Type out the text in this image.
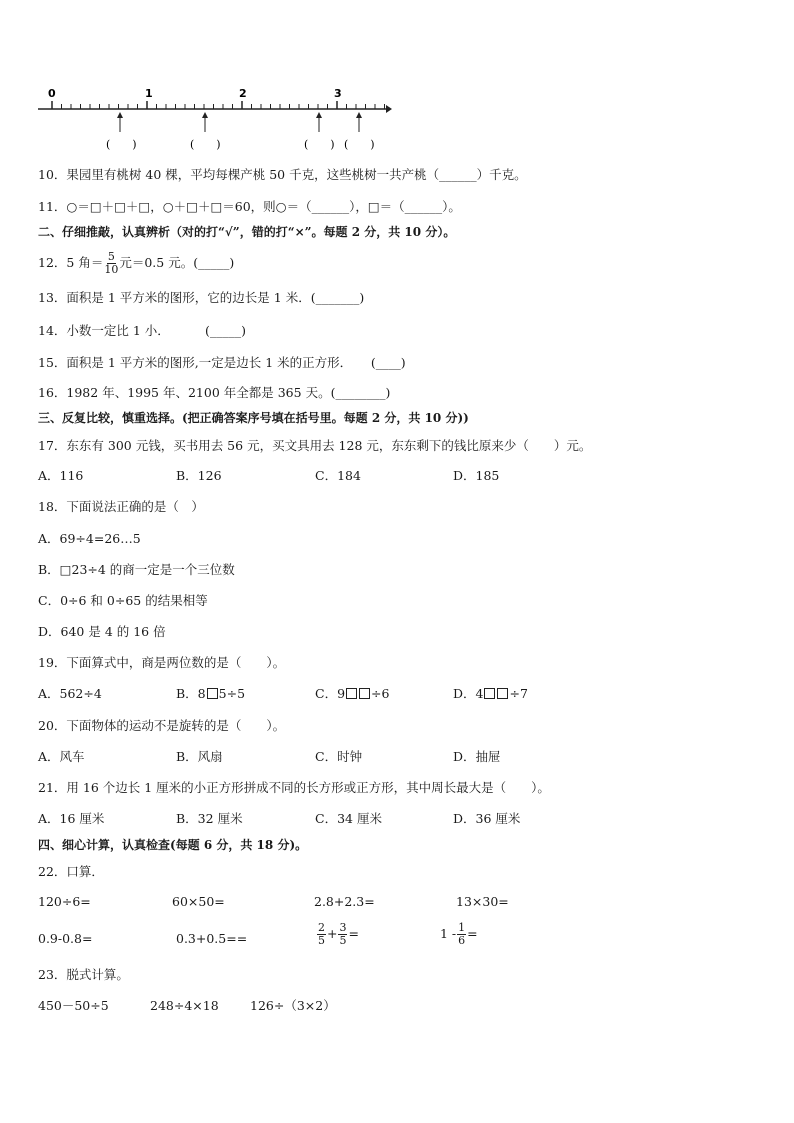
0	1	2	3
(　　)	(　　)	(　　) (　　)
10．果园里有桃树 40 棵，平均每棵产桃 50 千克，这些桃树一共产桃（______）千克。
11．○＝□＋□＋□，○＋□＋□＝60，则○＝（______），□＝（______）。
二、仔细推敲，认真辨析（对的打“√”，错的打“×”。每题 2 分，共 10 分）。
12．5 角＝ $\frac{5}{10}$ 元＝0.5 元。(_____)
13．面积是 1 平方米的图形，它的边长是 1 米．(_______)
14．小数一定比 1 小．　　　 (_____)
15．面积是 1 平方米的图形,一定是边长 1 米的正方形．　　(____)
16．1982 年、1995 年、2100 年全都是 365 天。(________)
三、反复比较，慎重选择。(把正确答案序号填在括号里。每题 2 分，共 10 分))
17．东东有 300 元钱，买书用去 56 元，买文具用去 128 元，东东剩下的钱比原来少（　　）元。
A．116	B．126	C．184	D．185
18．下面说法正确的是（　）
A．69÷4=26…5
B．□23÷4 的商一定是一个三位数
C．0÷6 和 0÷65 的结果相等
D．640 是 4 的 16 倍
19．下面算式中，商是两位数的是（　　）。
A．562÷4	B．8 5÷5	C．9 ÷6	D．4 ÷7
20．下面物体的运动不是旋转的是（　　）。
A．风车	B．风扇	C．时钟	D．抽屉
21．用 16 个边长 1 厘米的小正方形拼成不同的长方形或正方形，其中周长最大是（　　）。
A．16 厘米	B．32 厘米	C．34 厘米	D．36 厘米
四、细心计算，认真检查(每题 6 分，共 18 分)。
22．口算．
120÷6=	60×50=	2.8+2.3=	13×30=
0.9-0.8=	0.3+0.5==	$\frac{2}{5} + \frac{3}{5}$ =	$1 - \frac{1}{6}$ =
23．脱式计算。
450－50÷5	248÷4×18	126÷（3×2）
